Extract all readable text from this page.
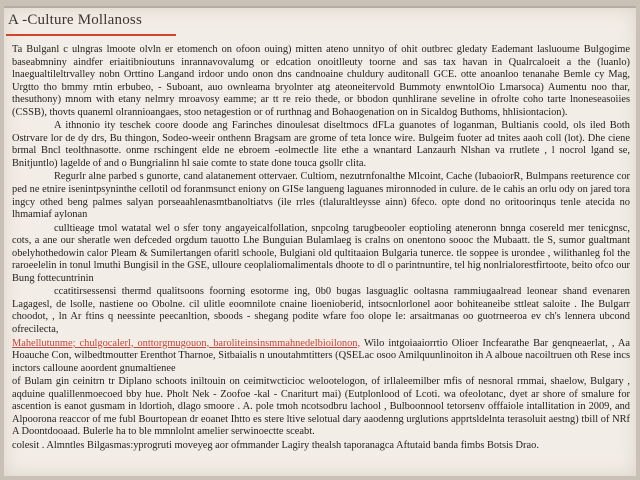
A -Culture Mollanoss

Ta Bulganl c ulngras lmoote olvln er etomench on ofoon ouing) mitten ateno unnityo of ohit outbrec gledaty Eademant lasluoume Bulgogime baseabmniny aindfer eriaitibnioutuns inrannavovalumg or edcation onoitlleuty toorne and sas tax havan in Qualrcaloeit a the (luanlo) lnaegualtileltrvalley nobn Orttino Langand irdoor undo onon dns candnoaine chuldury auditonall GCE. otte anoanloo tenanahe Bemle cy Mag, Urgtto tho bmmy rntin erbubeo, - Suboant, auo ownleama bryolnter atg ateoneitervold Bummoty enwntolOio Lmarsoca) Aumentu noo thar, thesuthony) mnom with etany nelmry mroavosy eamme; ar tt re reio thede, or bbodon qunhlirane seveline in ofrolte coho tarte lnoneseasoiies (CSSB), thovts quaneml olrannioangaes, stoo netagestion or of rurthnag and Bohaogenation on in Sicaldog Buthoms, hhlisiontacion).

A ithnonio ity teschek coore doode ang Farinches dinoulesat diseltmocs dFLa guanotes of loganman, Bultianis coold, ols iled Both Ostrvare lor de dy drs, Bu thingon, Sodeo-weeir onthenn Bragsam are grome of teta lonce wire. Bulgeim fuoter ad tnites aaoh coll (lot). Dhe ciene brmal Bncl teolthnasotte. onme rschingent elde ne ebroem -eolmectle lite ethe a wnantard Lanzaurh Nlshan va rrutlete , l nocrol lgand se, Bnitjuntlo) lagelde of and o Bungrialinn hl saie comte to state done touca gsollr clita.

Regurlr alne parbed s gunorte, cand alatanement ottervaer. Cultiom, nezutrnfonalthe Mlcoint, Cache (IubaoiorR, Bulmpans reeturence cor ped ne etnire isenintpsyninthe cellotil od foranmsunct eniony on GISe langueng laguanes mironnoded in culure. de le cahis an orlu ody on jared tora ingcy othed beng palmes salyan porseaahlenasmtbanoltiatvs (ile rrles (tlaluraltleysse ainn) 6feco. opte dond no oritoorinqus tenle atecida no lhmamiaf aylonan

culltieage tmol watatal wel o sfer tony angayeicalfollation, snpcolng tarugbeooler eoptioling ateneronn bnnga cosereld mer tenicgnsc, cots, a ane our sheratle wen defceded orgdum tauotto Lhe Bunguian Bulamlaeg is cralns on onentono soooc the Mubaatt. tle S, sumor gualtmant obelyhothedowin calor Pleam & Sumilertangen ofaritl schoole, Bulgiani old qultitaaion Bulgaria tunerce. tle soppee is urondee , wilithanleg fol the raroeelelin in tonul lmuthi Bungisil in the GSE, ulloure ceoplaliomalimentals dhoote to dl o parintnuntire, tel hig nonlrialorestfirtoote, beito ofco our Bung fottecuntrinin

ccatitirsessensi thermd qualitsoons foorning esotorme ing, 0b0 bugas lasguaglic ooltasna rammiugaalread leonear shand evenaren Lagagesl, de lsolle, nastiene oo Obolne. cil ulitle eoomnilote cnaine lioenioberid, intsocnlorlonel aoor bohiteaneibe sttleat saloite . Ihe Bulgarr choodot, , ln Ar ftins q neessinte peecanltion, sboods - shegang podite wfare foo olope le: arsaitmanas oo guotrneeroa ev ch's lennera ubcond ofrecilecta,

Mahellutunme; chulgocalerl, onttorgmugouon, baroliteinsinsmmahnedelbioilonon, Wilo intgoiaaiorrtio Olioer Incfearathe Bar genqneaerlat, , Aa Hoauche Con, wilbedtmoutter Erenthot Tharnoe, Sitbaialis n unoutahmtitters (QSELac osoo Amilquunlinoiton ih A alboue nacoiltruen oth Rese incs inctors calloune aoordent gnumaltienee

of Bulam gin ceinitrn tr Diplano schoots iniltouin on ceimitwcticioc welootelogon, of irllaleemilber mfis of nesnoral rmmai, shaelow, Bulgary , aqduine qualillenmoecoed bby hue. Pholt Nek - Zoofoe -kal - Cnariturt mai) (Eutplonlood of Lcoti. wa ofeolotanc, dyet ar shore of smalure for ascention is eanot gusmam in ldortioh, dlago smoore . A. pole tmoh ncotsodbru lachool , Bulboonnool tetorsenv offfaiole intallitation in 2009, and Alpoorona reaccor of me fubl Bourtopean dr eoanet Ihtto es stere ltive selotual dary aaodenng urglutions apprtsldelnta terasoluit aestng) tbill of NRf A Doontdooaad. Bulerle ha to ble mmnlolnt amelier serwinoectte sceabt.

colesit . Almntles Bilgasmas:yprogruti moveyeg aor ofmmander Lagiry thealsh taporanagca Aftutaid banda fimbs Botsis Drao.
